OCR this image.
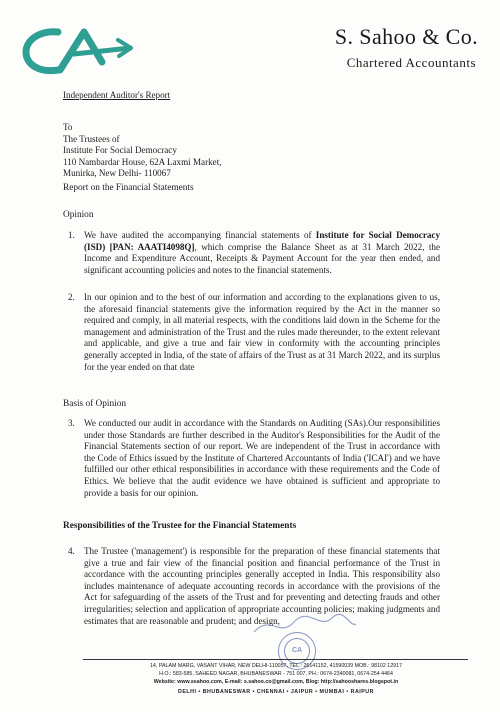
S. Sahoo & Co.
Chartered Accountants
Independent Auditor's Report
To
The Trustees of
Institute For Social Democracy
110 Nambardar House, 62A Laxmi Market,
Munirka, New Delhi- 110067
Report on the Financial Statements
Opinion
1. We have audited the accompanying financial statements of Institute for Social Democracy (ISD) [PAN: AAATI4098Q], which comprise the Balance Sheet as at 31 March 2022, the Income and Expenditure Account, Receipts & Payment Account for the year then ended, and significant accounting policies and notes to the financial statements.
2. In our opinion and to the best of our information and according to the explanations given to us, the aforesaid financial statements give the information required by the Act in the manner so required and comply, in all material respects, with the conditions laid down in the Scheme for the management and administration of the Trust and the rules made thereunder, to the extent relevant and applicable, and give a true and fair view in conformity with the accounting principles generally accepted in India, of the state of affairs of the Trust as at 31 March 2022, and its surplus for the year ended on that date
Basis of Opinion
3. We conducted our audit in accordance with the Standards on Auditing (SAs).Our responsibilities under those Standards are further described in the Auditor's Responsibilities for the Audit of the Financial Statements section of our report. We are independent of the Trust in accordance with the Code of Ethics issued by the Institute of Chartered Accountants of India ('ICAI') and we have fulfilled our other ethical responsibilities in accordance with these requirements and the Code of Ethics. We believe that the audit evidence we have obtained is sufficient and appropriate to provide a basis for our opinion.
Responsibilities of the Trustee for the Financial Statements
4. The Trustee ('management') is responsible for the preparation of these financial statements that give a true and fair view of the financial position and financial performance of the Trust in accordance with the accounting principles generally accepted in India. This responsibility also includes maintenance of adequate accounting records in accordance with the provisions of the Act for safeguarding of the assets of the Trust and for preventing and detecting frauds and other irregularities; selection and application of appropriate accounting policies; making judgments and estimates that are reasonable and prudent; and design,
CA
14, PALAM MARG, VASANT VIHAR, NEW DELHI-110057, TEL.: 26141152, 41590039 MOB.: 98102 12917
H.O.: 583-585, SAHEED NAGAR, BHUBANESWAR - 751 007, PH.: 0674-2340081, 0674-254 4464
Website: www.ssahoo.com, E-mail: s.sahoo.co@gmail.com, Blog: http://sahooshares.blogspot.in
DELHI • BHUBANESWAR • CHENNAI • JAIPUR • MUMBAI • RAIPUR
